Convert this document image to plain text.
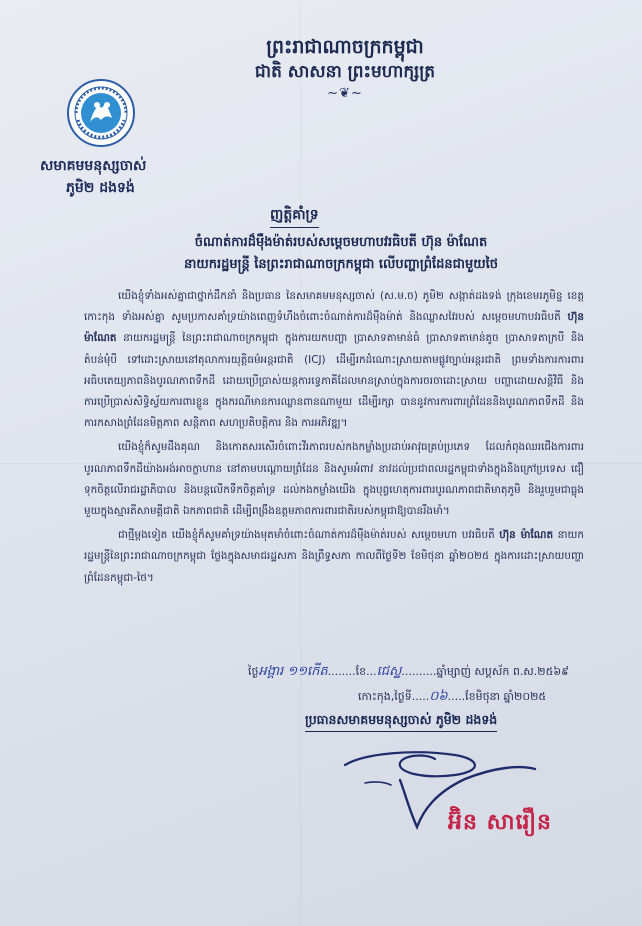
ព្រះរាជាណាចក្រកម្ពុជា
ជាតិ សាសនា ព្រះមហាក្សត្រ
~❦~
សមាគមមនុស្សចាស់
ភូមិ២ ដងទង់
ញត្តិគាំទ្រ
ចំណាត់ការដ៏ម៉ឺងម៉ាត់របស់សម្ដេចមហាបវរធិបតី ហ៊ុន ម៉ាណែត
នាយករដ្ឋមន្ត្រី នៃព្រះរាជាណាចក្រកម្ពុជា លើបញ្ហាព្រំដែនជាមួយថៃ

យើងខ្ញុំទាំងអស់គ្នាជាថ្នាក់ដឹកនាំ និងប្រធាន នៃសមាគមមនុស្សចាស់ (ស.ម.ច) ភូមិ២ សង្កាត់ដងទង់ ក្រុងខេមរភូមិន្ទ ខេត្តកោះកុង ទាំងអស់គ្នា សូមប្រកាសគាំទ្រយ៉ាងពេញទំហឹងចំពោះចំណាត់ការដ៏ម៉ឺងម៉ាត់ និងឈ្លាសវៃរបស់ សម្ដេចមហាបវរធិបតី ហ៊ុន ម៉ាណែត នាយករដ្ឋមន្ត្រី នៃព្រះរាជាណាចក្រកម្ពុជា ក្នុងការយកបញ្ហា ប្រាសាទតាមាន់ធំ ប្រាសាទតាមាន់តូច ប្រាសាទតាក្របី និងតំបន់មុំបី ទៅដោះស្រាយនៅតុលាការយុត្តិធម៌អន្តរជាតិ (ICJ) ដើម្បីរកដំណោះស្រាយតាមផ្លូវច្បាប់អន្តរជាតិ ព្រមទាំងការការពារអធិបតេយ្យភាពនិងបូរណភាពទឹកដី ដោយប្រើប្រាស់យន្តការទ្វេភាគីដែលមានស្រាប់ក្នុងការចរចាដោះស្រាយ បញ្ហាដោយសន្តិវិធី និងការប្រើប្រាស់សិទ្ធិស្វ័យការពារខ្លួន ក្នុងករណីមានការឈ្លានពានណាមួយ ដើម្បីរក្សា បាននូវការការពារព្រំដែននិងបូរណភាពទឹកដី និងការកសាងព្រំដែនមិត្តភាព សន្តិភាព សហប្រតិបត្តិការ និង ការអភិវឌ្ឍ។

យើងខ្ញុំក៏សូមដឹងគុណ និងកោតសរសើរចំពោះវីរភាពរបស់កងកម្លាំងប្រដាប់អាវុធគ្រប់ប្រភេទ ដែលកំពុងឈរជើងការពារបូរណភាពទឹកដីយ៉ាងអង់អាចក្លាហាន នៅតាមបណ្ដោយព្រំដែន និងសូមអំពាវ នាវដល់ប្រជាពលរដ្ឋកម្ពុជាទាំងក្នុងនិងក្រៅប្រទេស ជឿទុកចិត្តលើរាជរដ្ឋាភិបាល និងបន្តលើកទឹកចិត្តគាំទ្រ ដល់កងកម្លាំងយើង ក្នុងបុព្វហេតុការពារបូរណភាពជាតិមាតុភូមិ និងរួបរួមជាធ្លុងមួយក្នុងស្មារតីសាមគ្គីជាតិ ឯកភាពជាតិ ដើម្បីពង្រឹងឧត្តមភាពការពារជាតិរបស់កម្ពុជាឱ្យបានរឹងមាំ។

ជាថ្មីម្ដងទៀត យើងខ្ញុំក៏សូមគាំទ្រយ៉ាងមុតមាំចំពោះចំណាត់ការដ៏ម៉ឺងម៉ាត់របស់ សម្ដេចមហា បវរធិបតី ហ៊ុន ម៉ាណែត នាយករដ្ឋមន្ត្រីនៃព្រះរាជាណាចក្រកម្ពុជា ថ្លែងក្នុងសមាជរដ្ឋសភា និងព្រឹទ្ធសភា កាលពីថ្ងៃទី២ ខែមិថុនា ឆ្នាំ២០២៥ ក្នុងការដោះស្រាយបញ្ហាព្រំដែនកម្ពុជា-ថៃ។

ថ្ងៃអង្គារ ១១កើត........ខែ...ជេស្ឋ..........ឆ្នាំម្សាញ់ សប្តស័ក ព.ស.២៥៦៩
កោះកុង,ថ្ងៃទី.....០៦.....ខែមិថុនា ឆ្នាំ២០២៥
ប្រធានសមាគមមនុស្សចាស់ ភូមិ២ ដងទង់
អ៊ិន សារឿន
